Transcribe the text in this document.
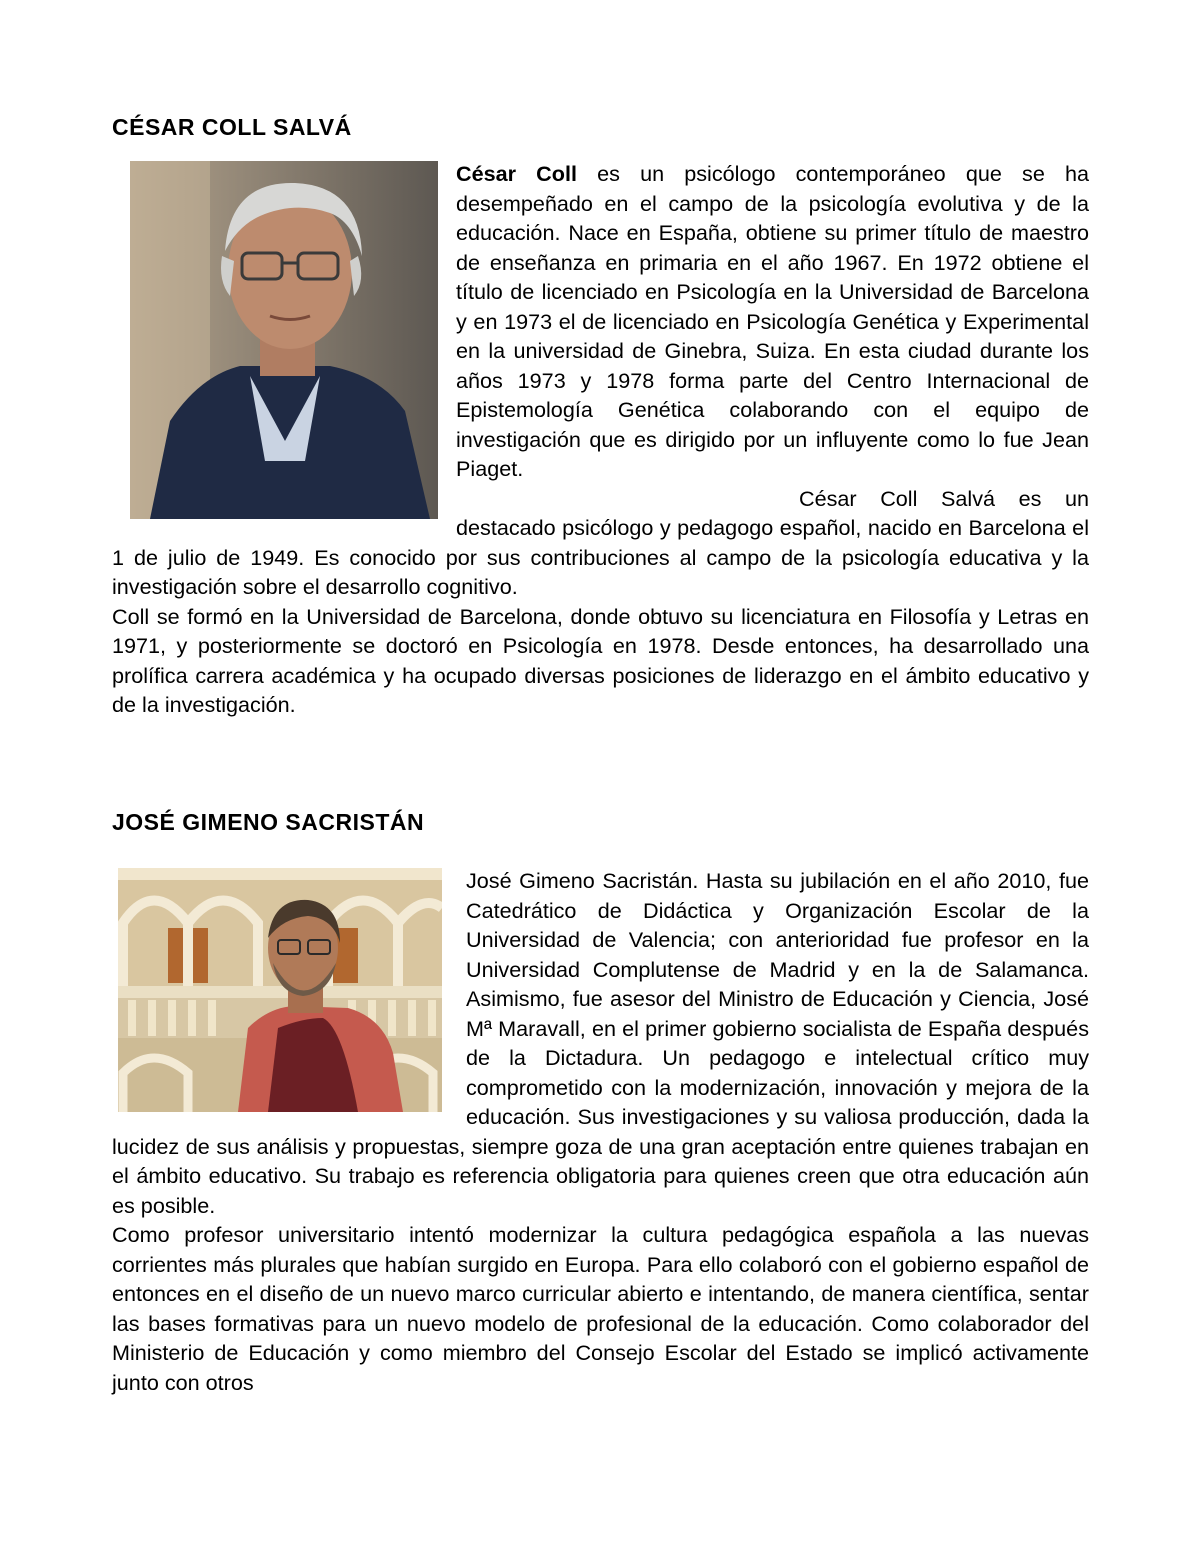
CÉSAR COLL SALVÁ

César Coll es un psicólogo contemporáneo que se ha desempeñado en el campo de la psicología evolutiva y de la educación. Nace en España, obtiene su primer título de maestro de enseñanza en primaria en el año 1967. En 1972 obtiene el título de licenciado en Psicología en la Universidad de Barcelona y en 1973 el de licenciado en Psicología Genética y Experimental en la universidad de Ginebra, Suiza. En esta ciudad durante los años 1973 y 1978 forma parte del Centro Internacional de Epistemología Genética colaborando con el equipo de investigación que es dirigido por un influyente como lo fue Jean Piaget.

César Coll Salvá es un destacado psicólogo y pedagogo español, nacido en Barcelona el 1 de julio de 1949. Es conocido por sus contribuciones al campo de la psicología educativa y la investigación sobre el desarrollo cognitivo.

Coll se formó en la Universidad de Barcelona, donde obtuvo su licenciatura en Filosofía y Letras en 1971, y posteriormente se doctoró en Psicología en 1978. Desde entonces, ha desarrollado una prolífica carrera académica y ha ocupado diversas posiciones de liderazgo en el ámbito educativo y de la investigación.

JOSÉ GIMENO SACRISTÁN

José Gimeno Sacristán. Hasta su jubilación en el año 2010, fue Catedrático de Didáctica y Organización Escolar de la Universidad de Valencia; con anterioridad fue profesor en la Universidad Complutense de Madrid y en la de Salamanca. Asimismo, fue asesor del Ministro de Educación y Ciencia, José Mª Maravall, en el primer gobierno socialista de España después de la Dictadura. Un pedagogo e intelectual crítico muy comprometido con la modernización, innovación y mejora de la educación. Sus investigaciones y su valiosa producción, dada la lucidez de sus análisis y propuestas, siempre goza de una gran aceptación entre quienes trabajan en el ámbito educativo. Su trabajo es referencia obligatoria para quienes creen que otra educación aún es posible.

Como profesor universitario intentó modernizar la cultura pedagógica española a las nuevas corrientes más plurales que habían surgido en Europa. Para ello colaboró con el gobierno español de entonces en el diseño de un nuevo marco curricular abierto e intentando, de manera científica, sentar las bases formativas para un nuevo modelo de profesional de la educación. Como colaborador del Ministerio de Educación y como miembro del Consejo Escolar del Estado se implicó activamente junto con otros
